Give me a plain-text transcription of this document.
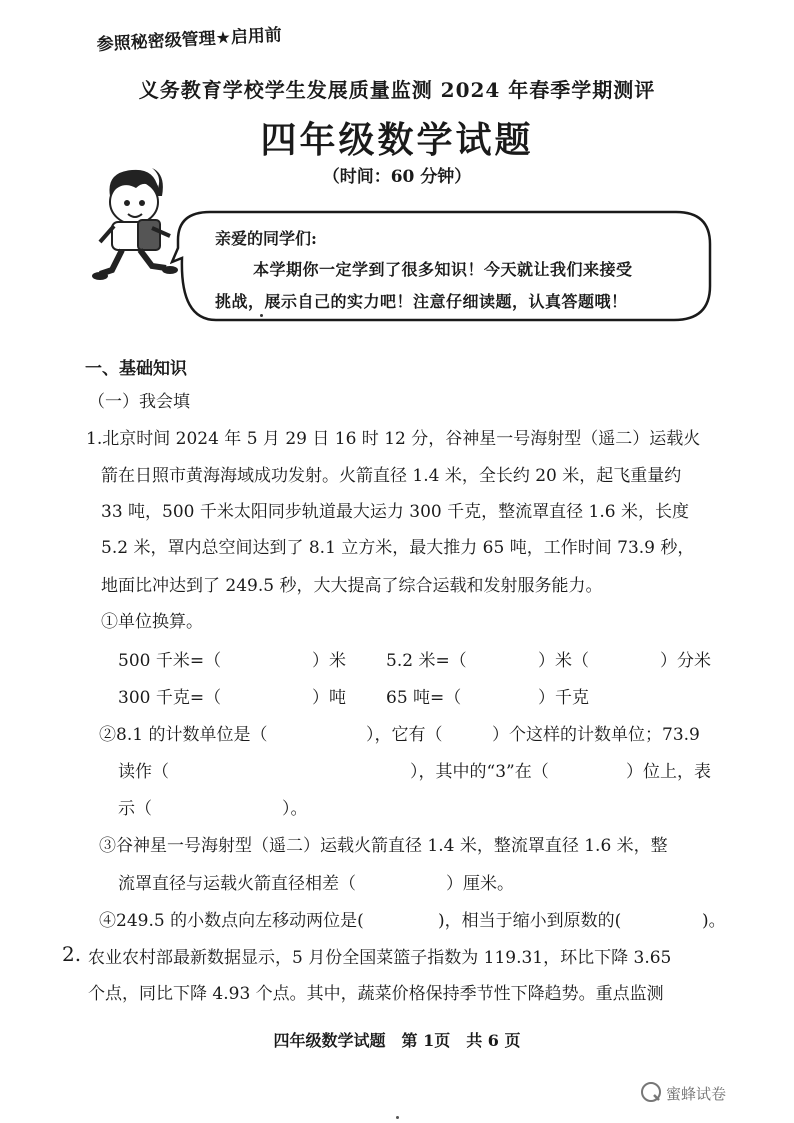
参照秘密级管理★启用前
义务教育学校学生发展质量监测 2024 年春季学期测评
四年级数学试题
（时间：60 分钟）
亲爱的同学们:
本学期你一定学到了很多知识！今天就让我们来接受
挑战，展示自己的实力吧！注意仔细读题，认真答题哦！
一、基础知识
（一）我会填
1.北京时间 2024 年 5 月 29 日 16 时 12 分，谷神星一号海射型（遥二）运载火
箭在日照市黄海海域成功发射。火箭直径 1.4 米，全长约 20 米，起飞重量约
33 吨，500 千米太阳同步轨道最大运力 300 千克，整流罩直径 1.6 米，长度
5.2 米，罩内总空间达到了 8.1 立方米，最大推力 65 吨，工作时间 73.9 秒，
地面比冲达到了 249.5 秒，大大提高了综合运载和发射服务能力。
①单位换算。
500 千米=（	）米 5.2 米=（	）米（	）分米
300 千克=（	）吨 65 吨=（	）千克
②8.1 的计数单位是（	），它有（	）个这样的计数单位；73.9
读作（	），其中的“3”在（	）位上，表
示（	）。
③谷神星一号海射型（遥二）运载火箭直径 1.4 米，整流罩直径 1.6 米，整
流罩直径与运载火箭直径相差（	）厘米。
④249.5 的小数点向左移动两位是(	)，相当于缩小到原数的(	)。
2. 农业农村部最新数据显示，5 月份全国菜篮子指数为 119.31，环比下降 3.65
个点，同比下降 4.93 个点。其中，蔬菜价格保持季节性下降趋势。重点监测
四年级数学试题　第 1页　共 6 页
蜜蜂试卷
